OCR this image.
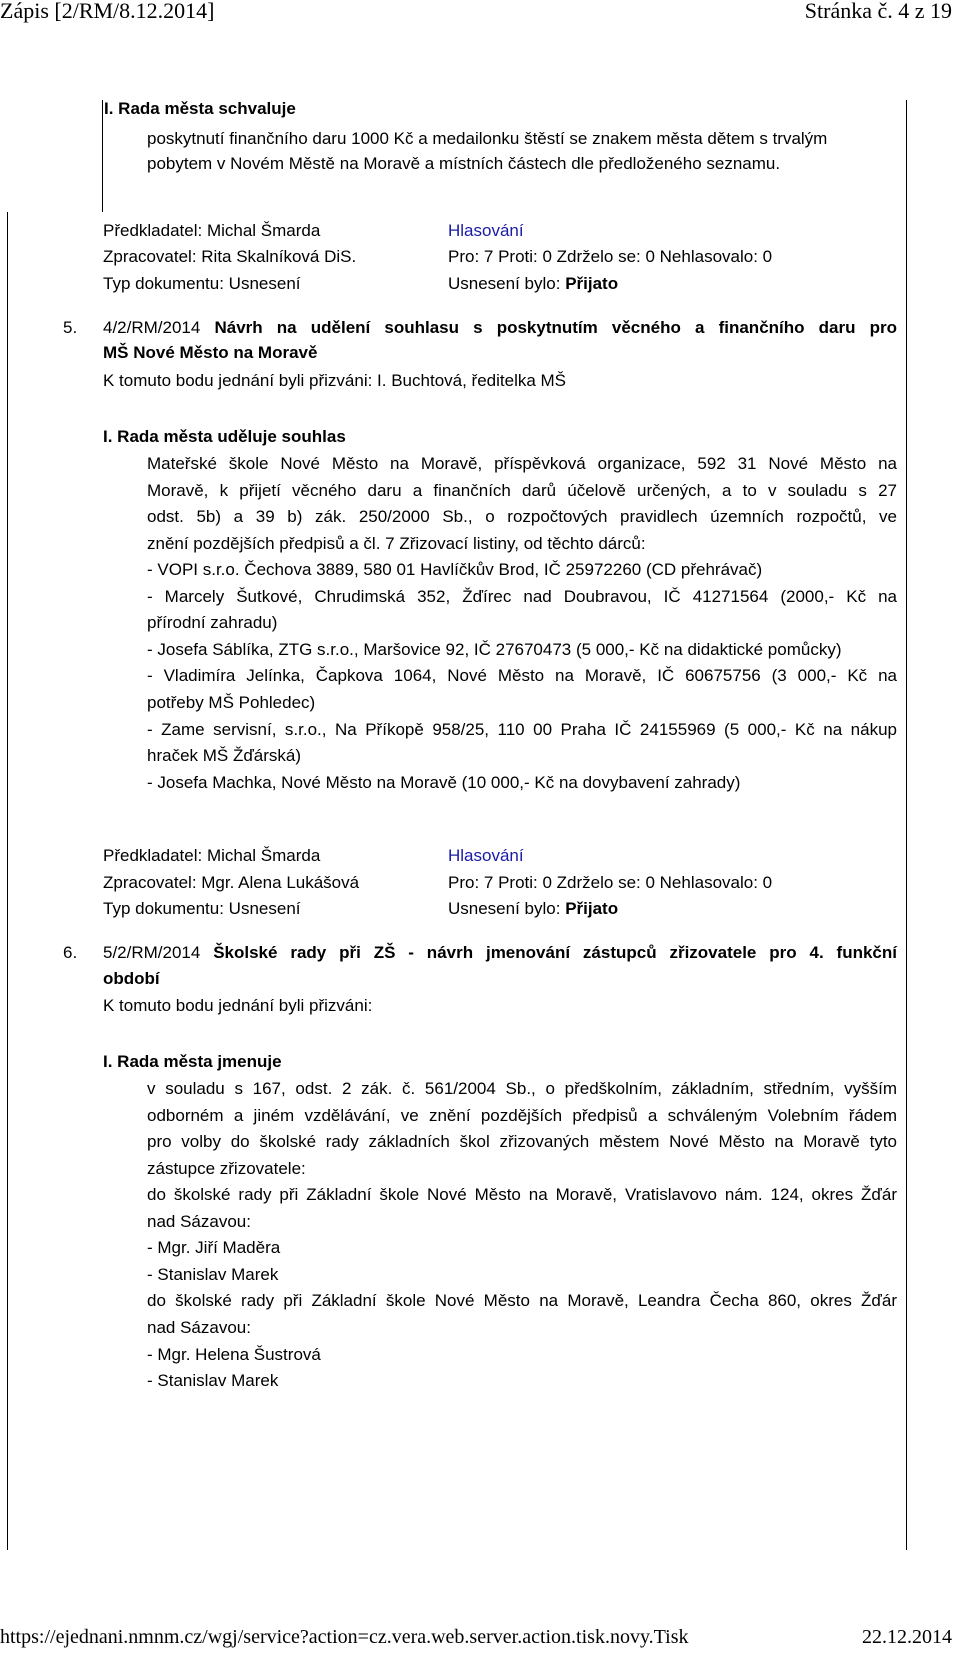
Zápis [2/RM/8.12.2014]	Stránka č. 4 z 19
I. Rada města schvaluje
poskytnutí finančního daru 1000 Kč a medailonku štěstí se znakem města dětem s trvalým
pobytem v Novém Městě na Moravě a místních částech dle předloženého seznamu.
Předkladatel: Michal Šmarda	Hlasování
Zpracovatel: Rita Skalníková DiS.	Pro: 7 Proti: 0 Zdrželo se: 0 Nehlasovalo: 0
Typ dokumentu: Usnesení	Usnesení bylo: Přijato
5. 4/2/RM/2014 Návrh na udělení souhlasu s poskytnutím věcného a finančního daru pro
MŠ Nové Město na Moravě
K tomuto bodu jednání byli přizváni: I. Buchtová, ředitelka MŠ
I. Rada města uděluje souhlas
Mateřské škole Nové Město na Moravě, příspěvková organizace, 592 31 Nové Město na
Moravě, k přijetí věcného daru a finančních darů účelově určených, a to v souladu s 27
odst. 5b) a 39 b) zák. 250/2000 Sb., o rozpočtových pravidlech územních rozpočtů, ve
znění pozdějších předpisů a čl. 7 Zřizovací listiny, od těchto dárců:
- VOPI s.r.o. Čechova 3889, 580 01 Havlíčkův Brod, IČ 25972260 (CD přehrávač)
- Marcely Šutkové, Chrudimská 352, Žďírec nad Doubravou, IČ 41271564 (2000,- Kč na
přírodní zahradu)
- Josefa Sáblíka, ZTG s.r.o., Maršovice 92, IČ 27670473 (5 000,- Kč na didaktické pomůcky)
- Vladimíra Jelínka, Čapkova 1064, Nové Město na Moravě, IČ 60675756 (3 000,- Kč na
potřeby MŠ Pohledec)
- Zame servisní, s.r.o., Na Příkopě 958/25, 110 00 Praha IČ 24155969 (5 000,- Kč na nákup
hraček MŠ Žďárská)
- Josefa Machka, Nové Město na Moravě (10 000,- Kč na dovybavení zahrady)
Předkladatel: Michal Šmarda	Hlasování
Zpracovatel: Mgr. Alena Lukášová	Pro: 7 Proti: 0 Zdrželo se: 0 Nehlasovalo: 0
Typ dokumentu: Usnesení	Usnesení bylo: Přijato
6. 5/2/RM/2014 Školské rady při ZŠ - návrh jmenování zástupců zřizovatele pro 4. funkční
období
K tomuto bodu jednání byli přizváni:
I. Rada města jmenuje
v souladu s 167, odst. 2 zák. č. 561/2004 Sb., o předškolním, základním, středním, vyšším
odborném a jiném vzdělávání, ve znění pozdějších předpisů a schváleným Volebním řádem
pro volby do školské rady základních škol zřizovaných městem Nové Město na Moravě tyto
zástupce zřizovatele:
do školské rady při Základní škole Nové Město na Moravě, Vratislavovo nám. 124, okres Žďár
nad Sázavou:
- Mgr. Jiří Maděra
- Stanislav Marek
do školské rady při Základní škole Nové Město na Moravě, Leandra Čecha 860, okres Žďár
nad Sázavou:
- Mgr. Helena Šustrová
- Stanislav Marek
https://ejednani.nmnm.cz/wgj/service?action=cz.vera.web.server.action.tisk.novy.Tisk	22.12.2014
